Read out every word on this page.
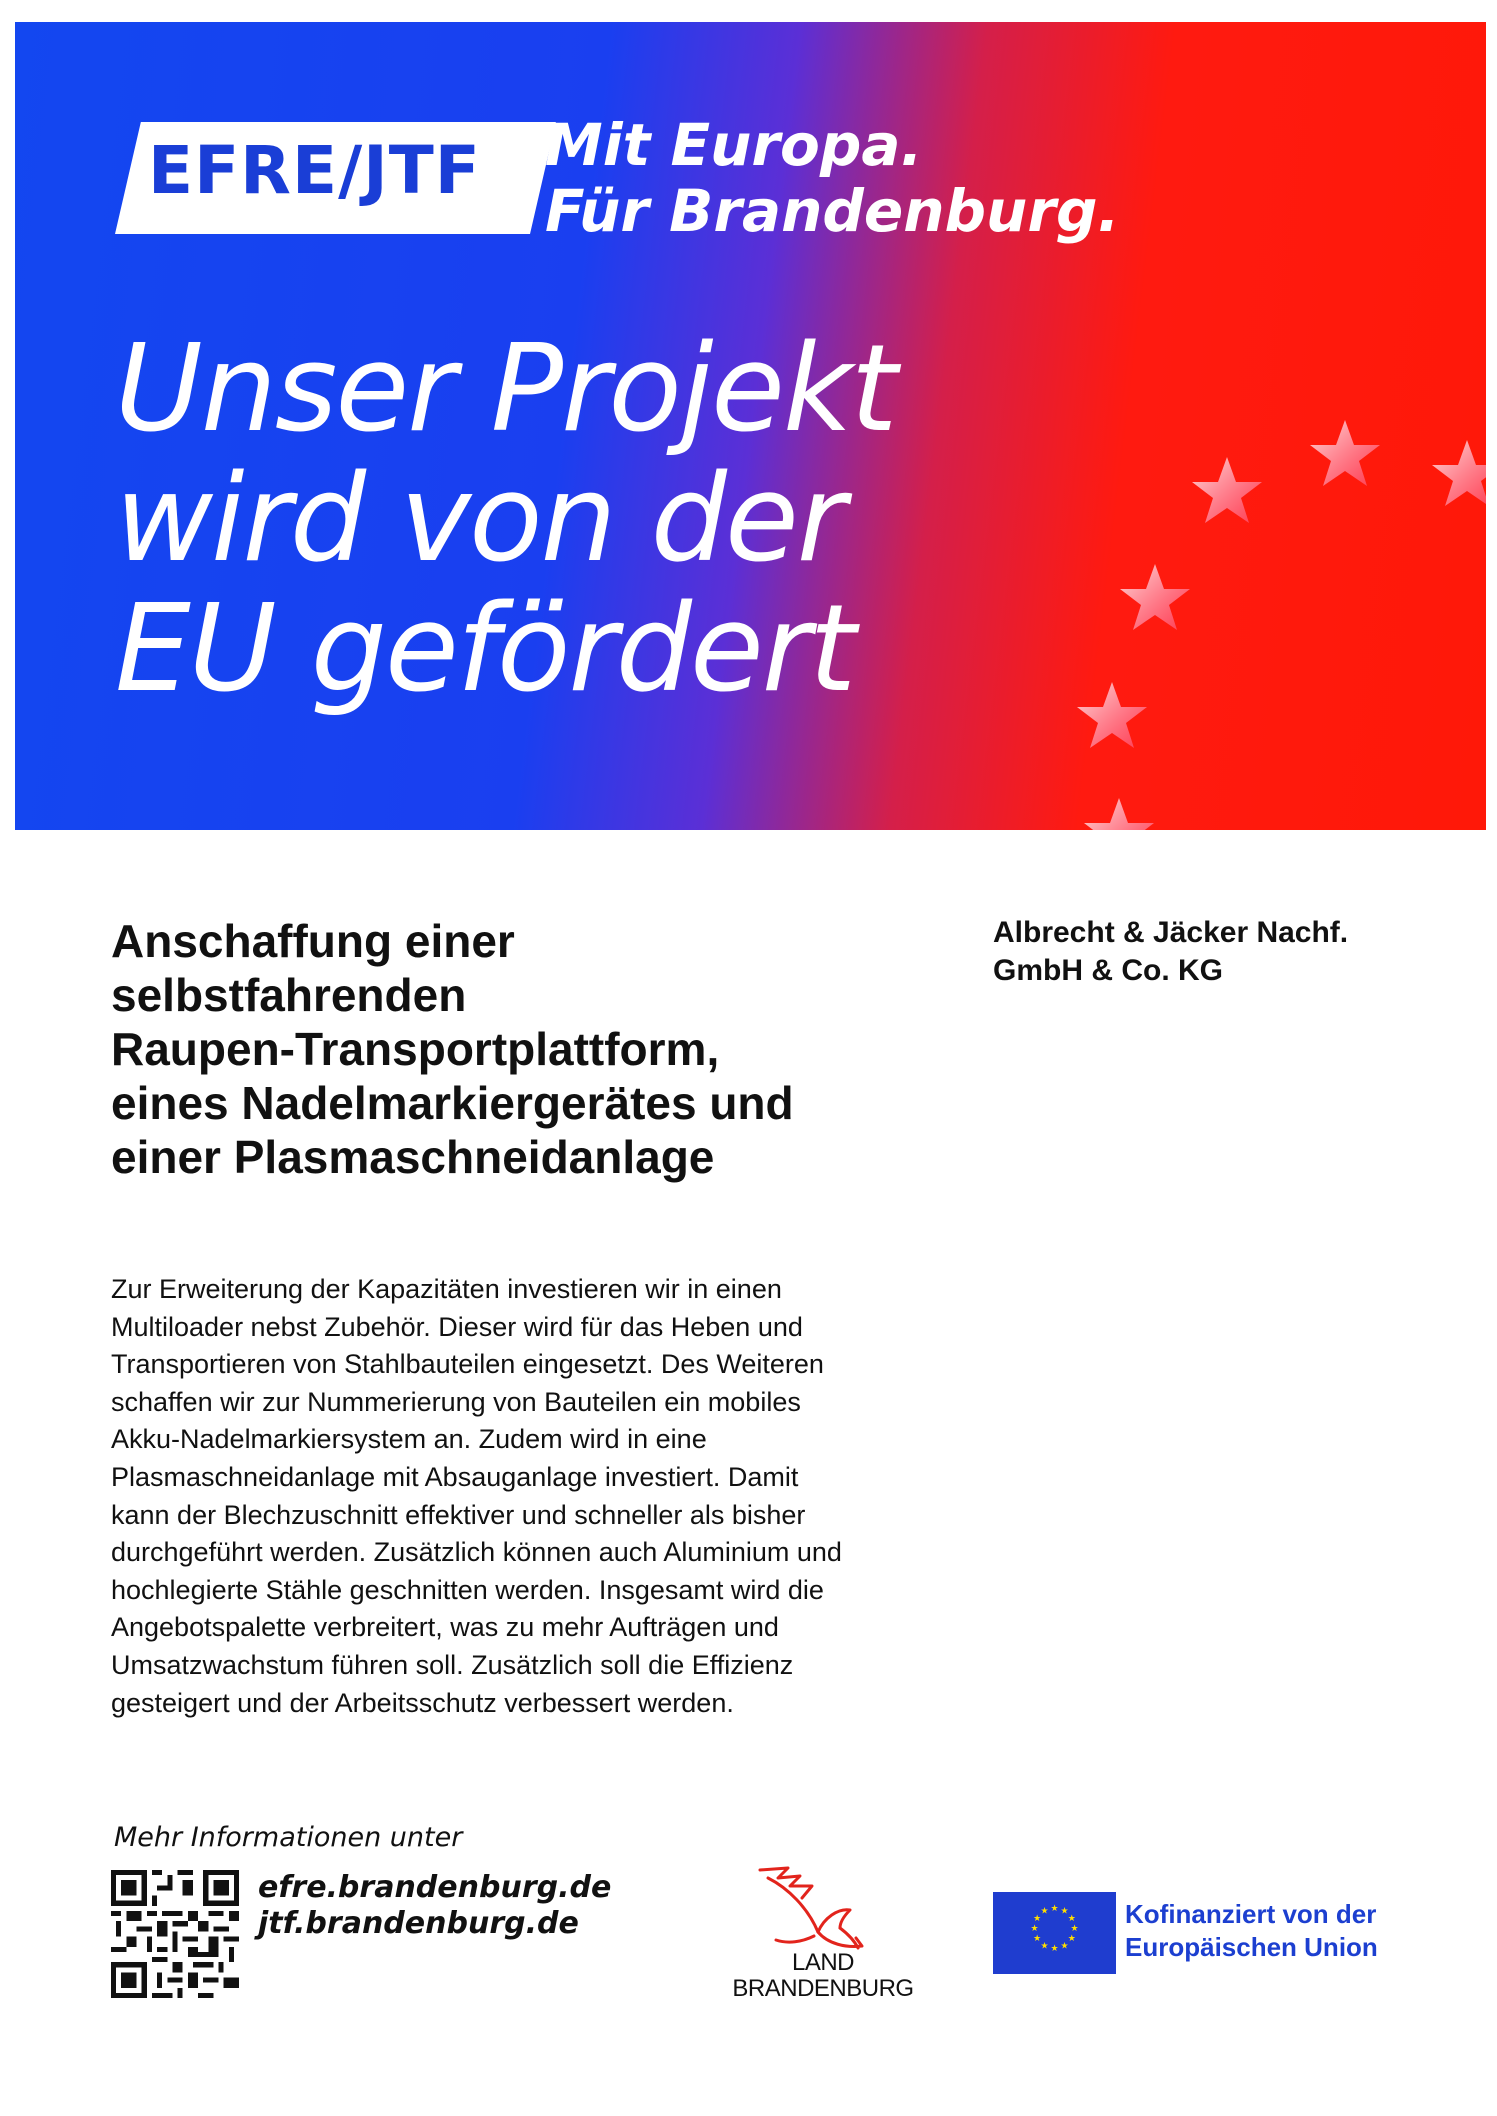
EFRE/JTF Mit Europa.
Für Brandenburg.
Unser Projekt
wird von der
EU gefördert
Anschaffung einer
selbstfahrenden
Raupen-Transportplattform,
eines Nadelmarkiergerätes und
einer Plasmaschneidanlage
Albrecht & Jäcker Nachf.
GmbH & Co. KG
Zur Erweiterung der Kapazitäten investieren wir in einen
Multiloader nebst Zubehör. Dieser wird für das Heben und
Transportieren von Stahlbauteilen eingesetzt. Des Weiteren
schaffen wir zur Nummerierung von Bauteilen ein mobiles
Akku-Nadelmarkiersystem an. Zudem wird in eine
Plasmaschneidanlage mit Absauganlage investiert. Damit
kann der Blechzuschnitt effektiver und schneller als bisher
durchgeführt werden. Zusätzlich können auch Aluminium und
hochlegierte Stähle geschnitten werden. Insgesamt wird die
Angebotspalette verbreitert, was zu mehr Aufträgen und
Umsatzwachstum führen soll. Zusätzlich soll die Effizienz
gesteigert und der Arbeitsschutz verbessert werden.
Mehr Informationen unter
efre.brandenburg.de
jtf.brandenburg.de
LAND
BRANDENBURG
★ ★
★
★
★
★
★
★
★
★
★
★	Kofinanziert von der
Europäischen Union
